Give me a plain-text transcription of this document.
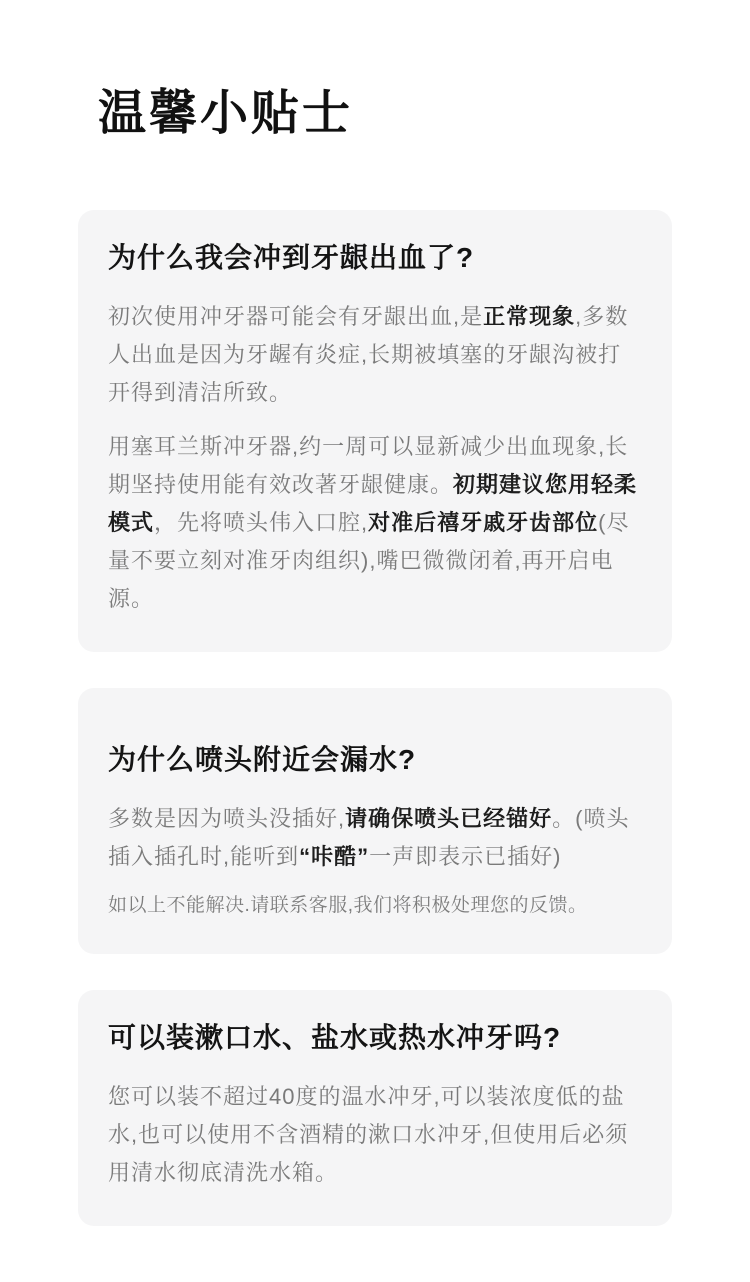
温馨小贴士
为什么我会冲到牙龈出血了?

初次使用冲牙器可能会有牙龈出血,是正常现象,多数人出血是因为牙龌有炎症,长期被填塞的牙龈沟被打开得到清洁所致。

用塞耳兰斯冲牙器,约一周可以显新减少出血现象,长期坚持使用能有效改著牙龈健康。初期建议您用轻柔模式，先将喷头伟入口腔,对准后禧牙戚牙齿部位(尽量不要立刻对准牙肉组织),嘴巴微微闭着,再开启电源。

为什么喷头附近会漏水?

多数是因为喷头没插好,请确保喷头已经锚好。(喷头插入插孔时,能听到“咔酷”一声即表示已插好)

如以上不能解决.请联系客服,我们将积极处理您的反馈。

可以装漱口水、盐水或热水冲牙吗?

您可以装不超过40度的温水冲牙,可以装浓度低的盐水,也可以使用不含酒精的漱口水冲牙,但使用后必须用清水彻底清洗水箱。
